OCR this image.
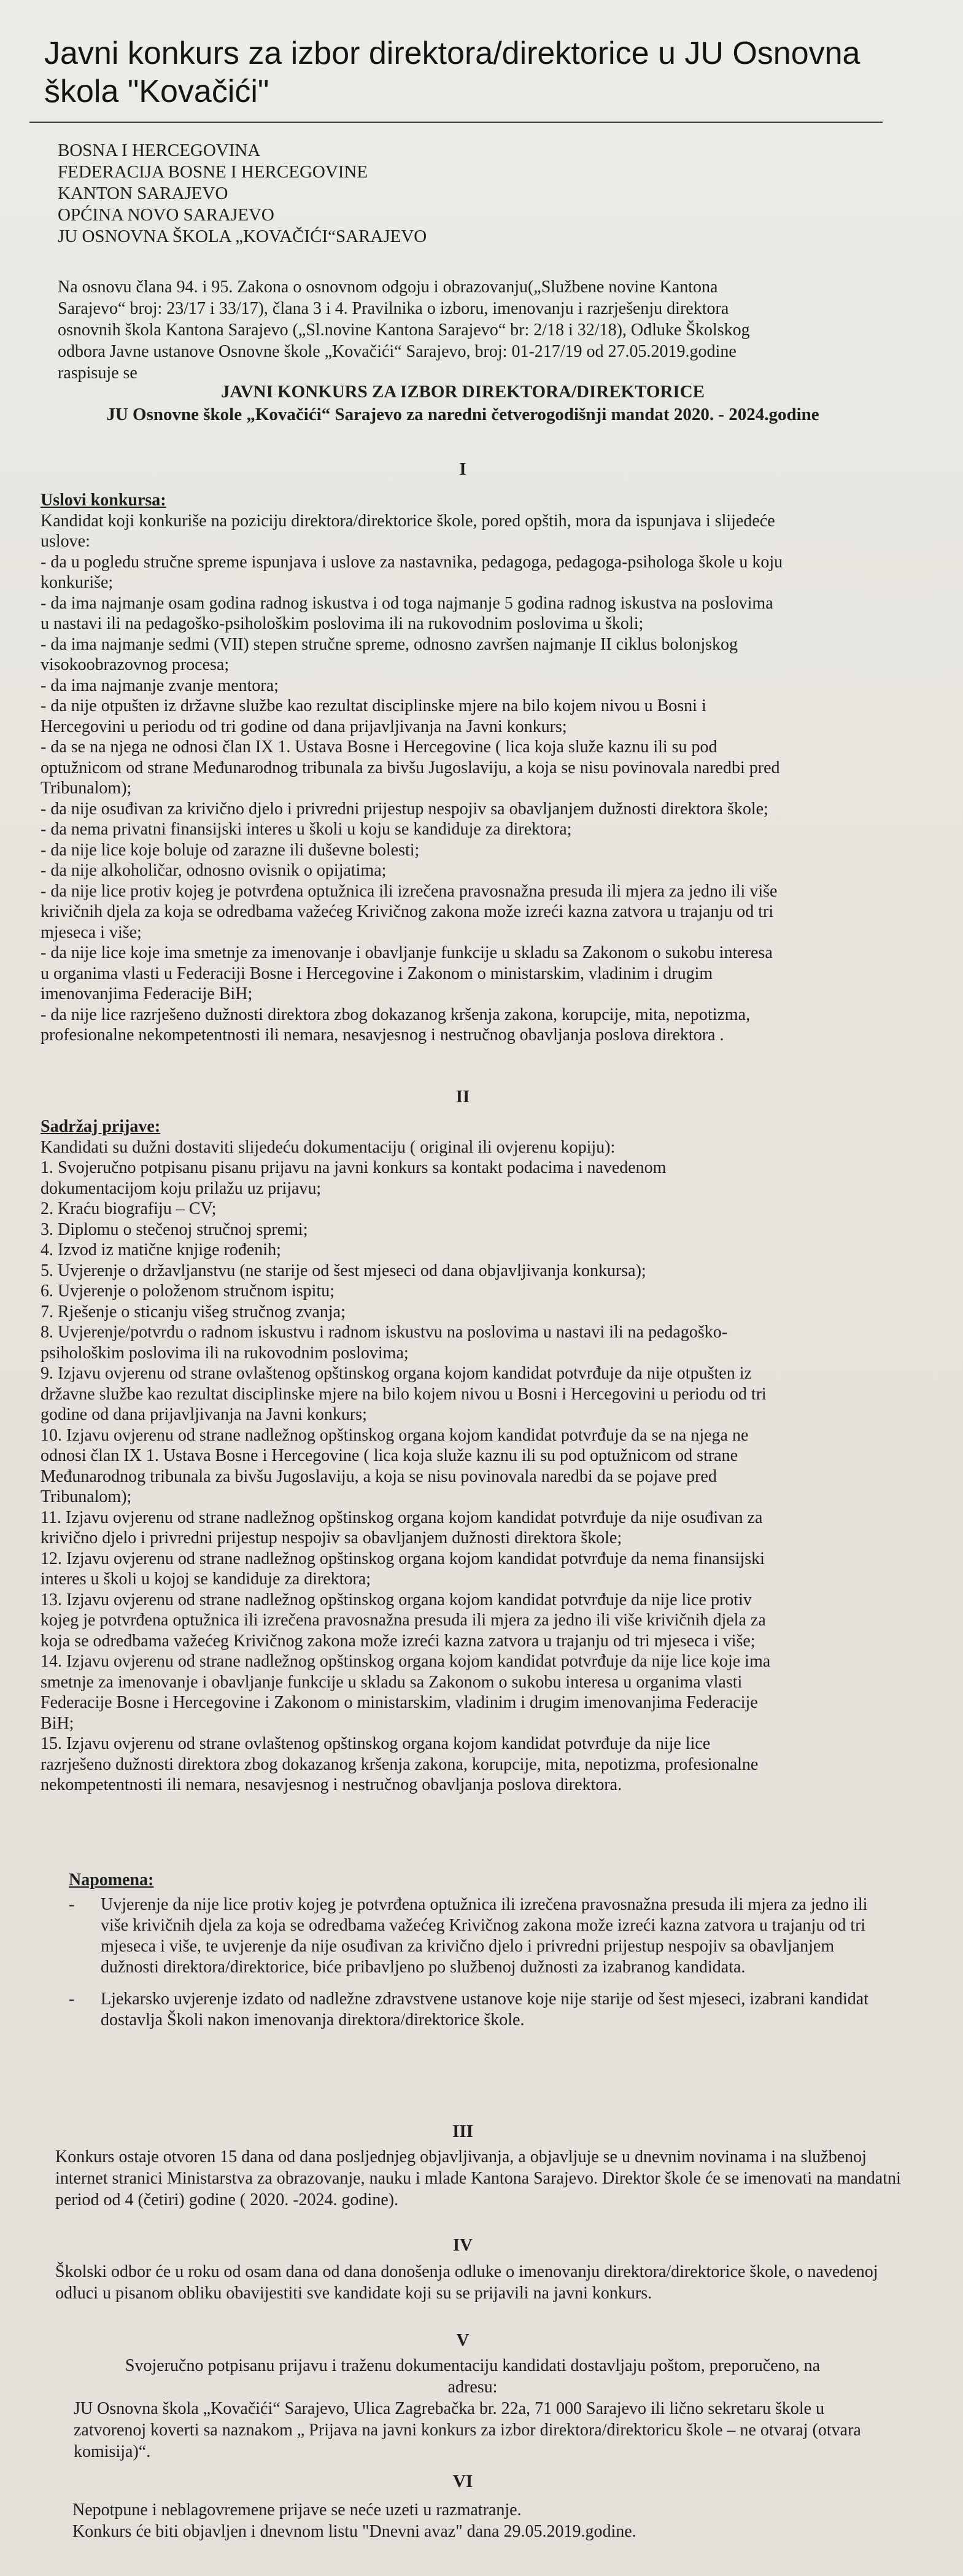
Javni konkurs za izbor direktora/direktorice u JU Osnovna škola "Kovačići"
BOSNA I HERCEGOVINA
FEDERACIJA BOSNE I HERCEGOVINE
KANTON SARAJEVO
OPĆINA NOVO SARAJEVO
JU OSNOVNA ŠKOLA „KOVAČIĆI“SARAJEVO
Na osnovu člana 94. i 95. Zakona o osnovnom odgoju i obrazovanju(„Službene novine Kantona
Sarajevo“ broj: 23/17 i 33/17), člana 3 i 4. Pravilnika o izboru, imenovanju i razrješenju direktora
osnovnih škola Kantona Sarajevo („Sl.novine Kantona Sarajevo“ br: 2/18 i 32/18), Odluke Školskog
odbora Javne ustanove Osnovne škole „Kovačići“ Sarajevo, broj: 01-217/19 od 27.05.2019.godine
raspisuje se
JAVNI KONKURS ZA IZBOR DIREKTORA/DIREKTORICE
JU Osnovne škole „Kovačići“ Sarajevo za naredni četverogodišnji mandat 2020. - 2024.godine
I
Uslovi konkursa:
Kandidat koji konkuriše na poziciju direktora/direktorice škole, pored opštih, mora da ispunjava i slijedeće
uslove:
- da u pogledu stručne spreme ispunjava i uslove za nastavnika, pedagoga, pedagoga-psihologa škole u koju
konkuriše;
- da ima najmanje osam godina radnog iskustva i od toga najmanje 5 godina radnog iskustva na poslovima
u nastavi ili na pedagoško-psihološkim poslovima ili na rukovodnim poslovima u školi;
- da ima najmanje sedmi (VII) stepen stručne spreme, odnosno završen najmanje II ciklus bolonjskog
visokoobrazovnog procesa;
- da ima najmanje zvanje mentora;
- da nije otpušten iz državne službe kao rezultat disciplinske mjere na bilo kojem nivou u Bosni i
Hercegovini u periodu od tri godine od dana prijavljivanja na Javni konkurs;
- da se na njega ne odnosi član IX 1. Ustava Bosne i Hercegovine ( lica koja služe kaznu ili su pod
optužnicom od strane Međunarodnog tribunala za bivšu Jugoslaviju, a koja se nisu povinovala naredbi pred
Tribunalom);
- da nije osuđivan za krivično djelo i privredni prijestup nespojiv sa obavljanjem dužnosti direktora škole;
- da nema privatni finansijski interes u školi u koju se kandiduje za direktora;
- da nije lice koje boluje od zarazne ili duševne bolesti;
- da nije alkoholičar, odnosno ovisnik o opijatima;
- da nije lice protiv kojeg je potvrđena optužnica ili izrečena pravosnažna presuda ili mjera za jedno ili više
krivičnih djela za koja se odredbama važećeg Krivičnog zakona može izreći kazna zatvora u trajanju od tri
mjeseca i više;
- da nije lice koje ima smetnje za imenovanje i obavljanje funkcije u skladu sa Zakonom o sukobu interesa
u organima vlasti u Federaciji Bosne i Hercegovine i Zakonom o ministarskim, vladinim i drugim
imenovanjima Federacije BiH;
- da nije lice razrješeno dužnosti direktora zbog dokazanog kršenja zakona, korupcije, mita, nepotizma,
profesionalne nekompetentnosti ili nemara, nesavjesnog i nestručnog obavljanja poslova direktora .
II
Sadržaj prijave:
Kandidati su dužni dostaviti slijedeću dokumentaciju ( original ili ovjerenu kopiju):
1. Svojeručno potpisanu pisanu prijavu na javni konkurs sa kontakt podacima i navedenom
dokumentacijom koju prilažu uz prijavu;
2. Kraću biografiju – CV;
3. Diplomu o stečenoj stručnoj spremi;
4. Izvod iz matične knjige rođenih;
5. Uvjerenje o državljanstvu (ne starije od šest mjeseci od dana objavljivanja konkursa);
6. Uvjerenje o položenom stručnom ispitu;
7. Rješenje o sticanju višeg stručnog zvanja;
8. Uvjerenje/potvrdu o radnom iskustvu i radnom iskustvu na poslovima u nastavi ili na pedagoško-
psihološkim poslovima ili na rukovodnim poslovima;
9. Izjavu ovjerenu od strane ovlaštenog opštinskog organa kojom kandidat potvrđuje da nije otpušten iz
državne službe kao rezultat disciplinske mjere na bilo kojem nivou u Bosni i Hercegovini u periodu od tri
godine od dana prijavljivanja na Javni konkurs;
10. Izjavu ovjerenu od strane nadležnog opštinskog organa kojom kandidat potvrđuje da se na njega ne
odnosi član IX 1. Ustava Bosne i Hercegovine ( lica koja služe kaznu ili su pod optužnicom od strane
Međunarodnog tribunala za bivšu Jugoslaviju, a koja se nisu povinovala naredbi da se pojave pred
Tribunalom);
11. Izjavu ovjerenu od strane nadležnog opštinskog organa kojom kandidat potvrđuje da nije osuđivan za
krivično djelo i privredni prijestup nespojiv sa obavljanjem dužnosti direktora škole;
12. Izjavu ovjerenu od strane nadležnog opštinskog organa kojom kandidat potvrđuje da nema finansijski
interes u školi u kojoj se kandiduje za direktora;
13. Izjavu ovjerenu od strane nadležnog opštinskog organa kojom kandidat potvrđuje da nije lice protiv
kojeg je potvrđena optužnica ili izrečena pravosnažna presuda ili mjera za jedno ili više krivičnih djela za
koja se odredbama važećeg Krivičnog zakona može izreći kazna zatvora u trajanju od tri mjeseca i više;
14. Izjavu ovjerenu od strane nadležnog opštinskog organa kojom kandidat potvrđuje da nije lice koje ima
smetnje za imenovanje i obavljanje funkcije u skladu sa Zakonom o sukobu interesa u organima vlasti
Federacije Bosne i Hercegovine i Zakonom o ministarskim, vladinim i drugim imenovanjima Federacije
BiH;
15. Izjavu ovjerenu od strane ovlaštenog opštinskog organa kojom kandidat potvrđuje da nije lice
razrješeno dužnosti direktora zbog dokazanog kršenja zakona, korupcije, mita, nepotizma, profesionalne
nekompetentnosti ili nemara, nesavjesnog i nestručnog obavljanja poslova direktora.
Napomena:
- Uvjerenje da nije lice protiv kojeg je potvrđena optužnica ili izrečena pravosnažna presuda ili mjera za jedno ili više krivičnih djela za koja se odredbama važećeg Krivičnog zakona može izreći kazna zatvora u trajanju od tri mjeseca i više, te uvjerenje da nije osuđivan za krivično djelo i privredni prijestup nespojiv sa obavljanjem dužnosti direktora/direktorice, biće pribavljeno po službenoj dužnosti za izabranog kandidata.
- Ljekarsko uvjerenje izdato od nadležne zdravstvene ustanove koje nije starije od šest mjeseci, izabrani kandidat dostavlja Školi nakon imenovanja direktora/direktorice škole.
III
Konkurs ostaje otvoren 15 dana od dana posljednjeg objavljivanja, a objavljuje se u dnevnim novinama i na službenoj internet stranici Ministarstva za obrazovanje, nauku i mlade Kantona Sarajevo. Direktor škole će se imenovati na mandatni period od 4 (četiri) godine ( 2020. -2024. godine).
IV
Školski odbor će u roku od osam dana od dana donošenja odluke o imenovanju direktora/direktorice škole, o navedenoj odluci u pisanom obliku obavijestiti sve kandidate koji su se prijavili na javni konkurs.
V
Svojeručno potpisanu prijavu i traženu dokumentaciju kandidati dostavljaju poštom, preporučeno, na
adresu:
JU Osnovna škola „Kovačići“ Sarajevo, Ulica Zagrebačka br. 22a, 71 000 Sarajevo ili lično sekretaru škole u zatvorenoj koverti sa naznakom „ Prijava na javni konkurs za izbor direktora/direktoricu škole – ne otvaraj (otvara komisija)“.
VI
Nepotpune i neblagovremene prijave se neće uzeti u razmatranje.
Konkurs će biti objavljen i dnevnom listu "Dnevni avaz" dana 29.05.2019.godine.
